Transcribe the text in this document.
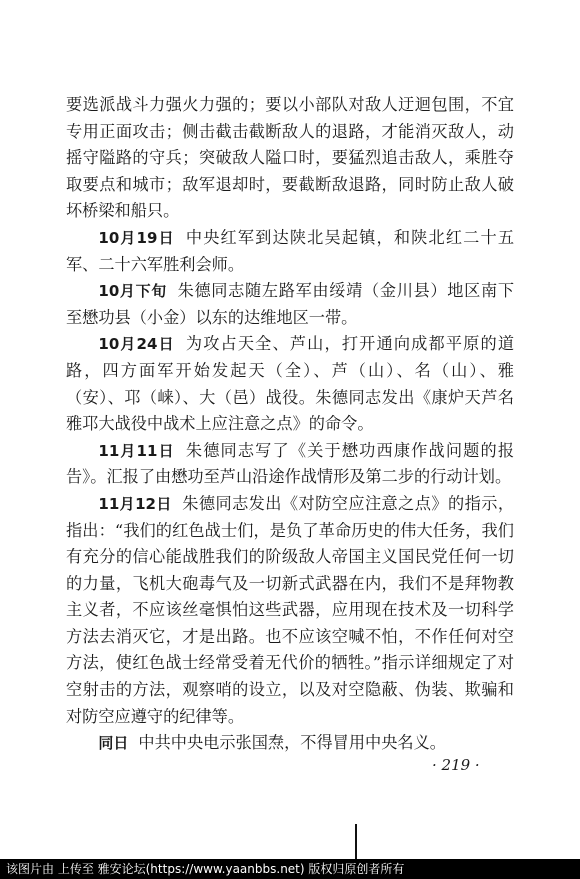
要选派战斗力强火力强的；要以小部队对敌人迂迴包围，不宜专用正面攻击；侧击截击截断敌人的退路，才能消灭敌人，动摇守隘路的守兵；突破敌人隘口时，要猛烈追击敌人，乘胜夺取要点和城市；敌军退却时，要截断敌退路，同时防止敌人破坏桥梁和船只。

10月19日 中央红军到达陕北吴起镇，和陕北红二十五军、二十六军胜利会师。

10月下旬 朱德同志随左路军由绥靖（金川县）地区南下至懋功县（小金）以东的达维地区一带。

10月24日 为攻占天全、芦山，打开通向成都平原的道路，四方面军开始发起天（全）、芦（山）、名（山）、雅（安）、邛（崃）、大（邑）战役。朱德同志发出《康炉天芦名雅邛大战役中战术上应注意之点》的命令。

11月11日 朱德同志写了《关于懋功西康作战问题的报告》。汇报了由懋功至芦山沿途作战情形及第二步的行动计划。

11月12日 朱德同志发出《对防空应注意之点》的指示，指出：“我们的红色战士们，是负了革命历史的伟大任务，我们有充分的信心能战胜我们的阶级敌人帝国主义国民党任何一切的力量，飞机大砲毒气及一切新式武器在内，我们不是拜物教主义者，不应该丝毫惧怕这些武器，应用现在技术及一切科学方法去消灭它，才是出路。也不应该空喊不怕，不作任何对空方法，使红色战士经常受着无代价的牺牲。”指示详细规定了对空射击的方法，观察哨的设立，以及对空隐蔽、伪装、欺骗和对防空应遵守的纪律等。

同日 中共中央电示张国焘，不得冒用中央名义。

· 219 ·
该图片由 上传至 雅安论坛(https://www.yaanbbs.net) 版权归原创者所有
